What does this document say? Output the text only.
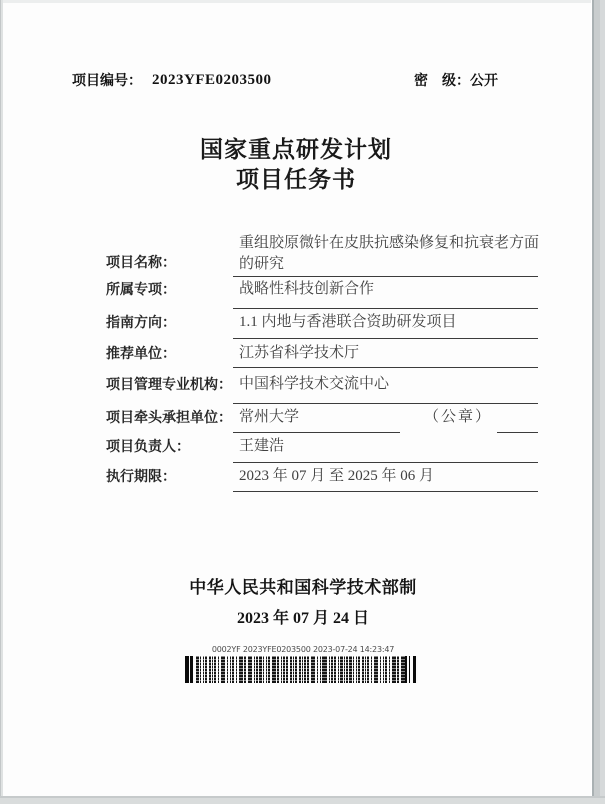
项目编号： 2023YFE0203500	密　级： 公开
国家重点研发计划
项目任务书
项目名称：
重组胶原微针在皮肤抗感染修复和抗衰老方面的研究
所属专项：	战略性科技创新合作
指南方向：	1.1 内地与香港联合资助研发项目
推荐单位：	江苏省科学技术厅
项目管理专业机构： 中国科学技术交流中心
项目牵头承担单位： 常州大学	（公章）
项目负责人：	王建浩
执行期限：	2023 年 07 月 至 2025 年 06 月
中华人民共和国科学技术部制
2023 年 07 月 24 日
0002YF 2023YFE0203500 2023-07-24 14:23:47
